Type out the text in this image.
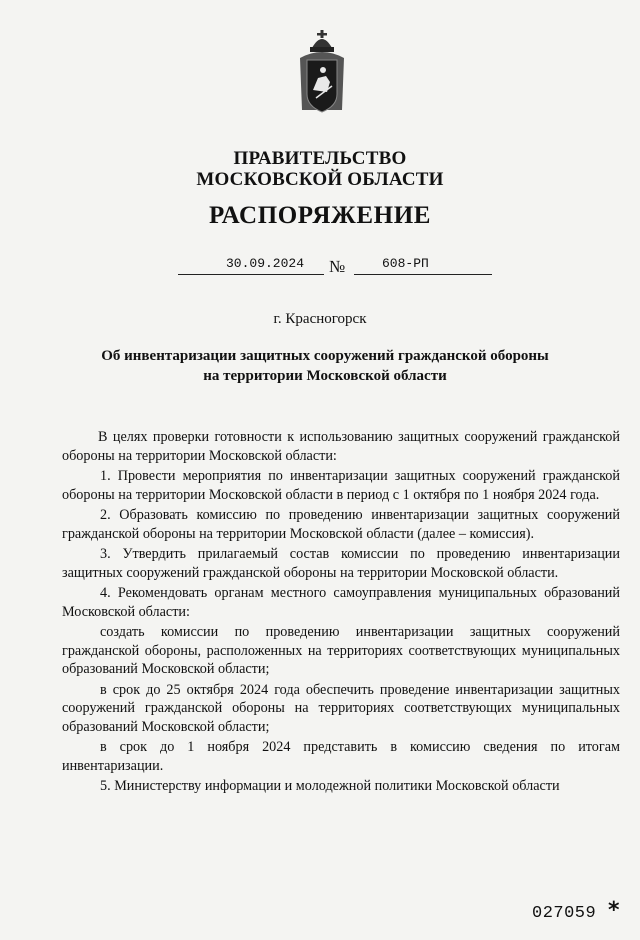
ПРАВИТЕЛЬСТВО
МОСКОВСКОЙ ОБЛАСТИ
РАСПОРЯЖЕНИЕ
30.09.2024 №	608-РП
г. Красногорск
Об инвентаризации защитных сооружений гражданской обороны
на территории Московской области

В целях проверки готовности к использованию защитных сооружений гражданской обороны на территории Московской области:

1. Провести мероприятия по инвентаризации защитных сооружений гражданской обороны на территории Московской области в период с 1 октября по 1 ноября 2024 года.

2. Образовать комиссию по проведению инвентаризации защитных сооружений гражданской обороны на территории Московской области (далее – комиссия).

3. Утвердить прилагаемый состав комиссии по проведению инвентаризации защитных сооружений гражданской обороны на территории Московской области.

4. Рекомендовать органам местного самоуправления муниципальных образований Московской области:

создать комиссии по проведению инвентаризации защитных сооружений гражданской обороны, расположенных на территориях соответствующих муниципальных образований Московской области;

в срок до 25 октября 2024 года обеспечить проведение инвентаризации защитных сооружений гражданской обороны на территориях соответствующих муниципальных образований Московской области;

в срок до 1 ноября 2024 представить в комиссию сведения по итогам инвентаризации.

5. Министерству информации и молодежной политики Московской области

027059 *
